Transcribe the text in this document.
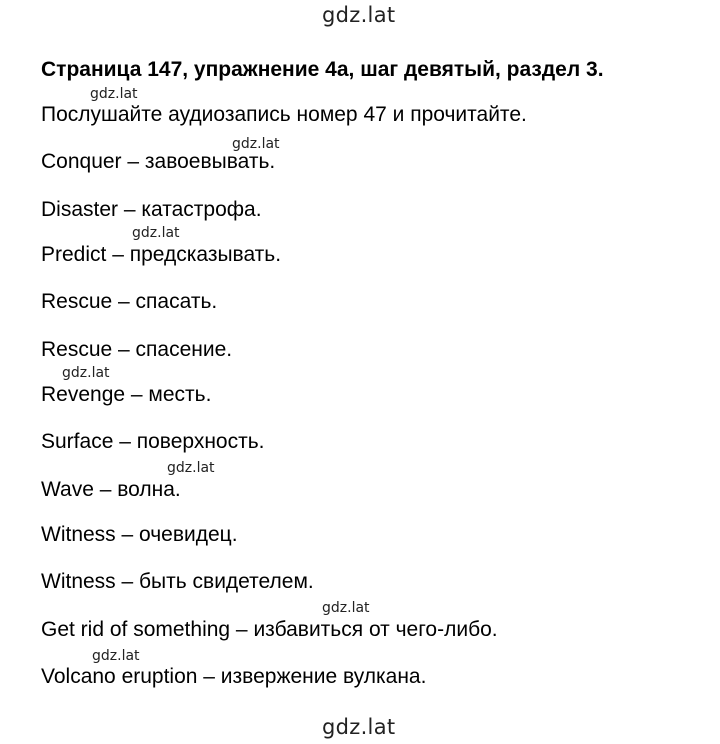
gdz.lat
Страница 147, упражнение 4a, шаг девятый, раздел 3.
gdz.lat
Послушайте аудиозапись номер 47 и прочитайте.
gdz.lat
Conquer – завоевывать.
Disaster – катастрофа.
gdz.lat
Predict – предсказывать.
Rescue – спасать.
Rescue – спасение.
gdz.lat
Revenge – месть.
Surface – поверхность.
gdz.lat
Wave – волна.
Witness – очевидец.
Witness – быть свидетелем.
gdz.lat
Get rid of something – избавиться от чего-либо.
gdz.lat
Volcano eruption – извержение вулкана.
gdz.lat
